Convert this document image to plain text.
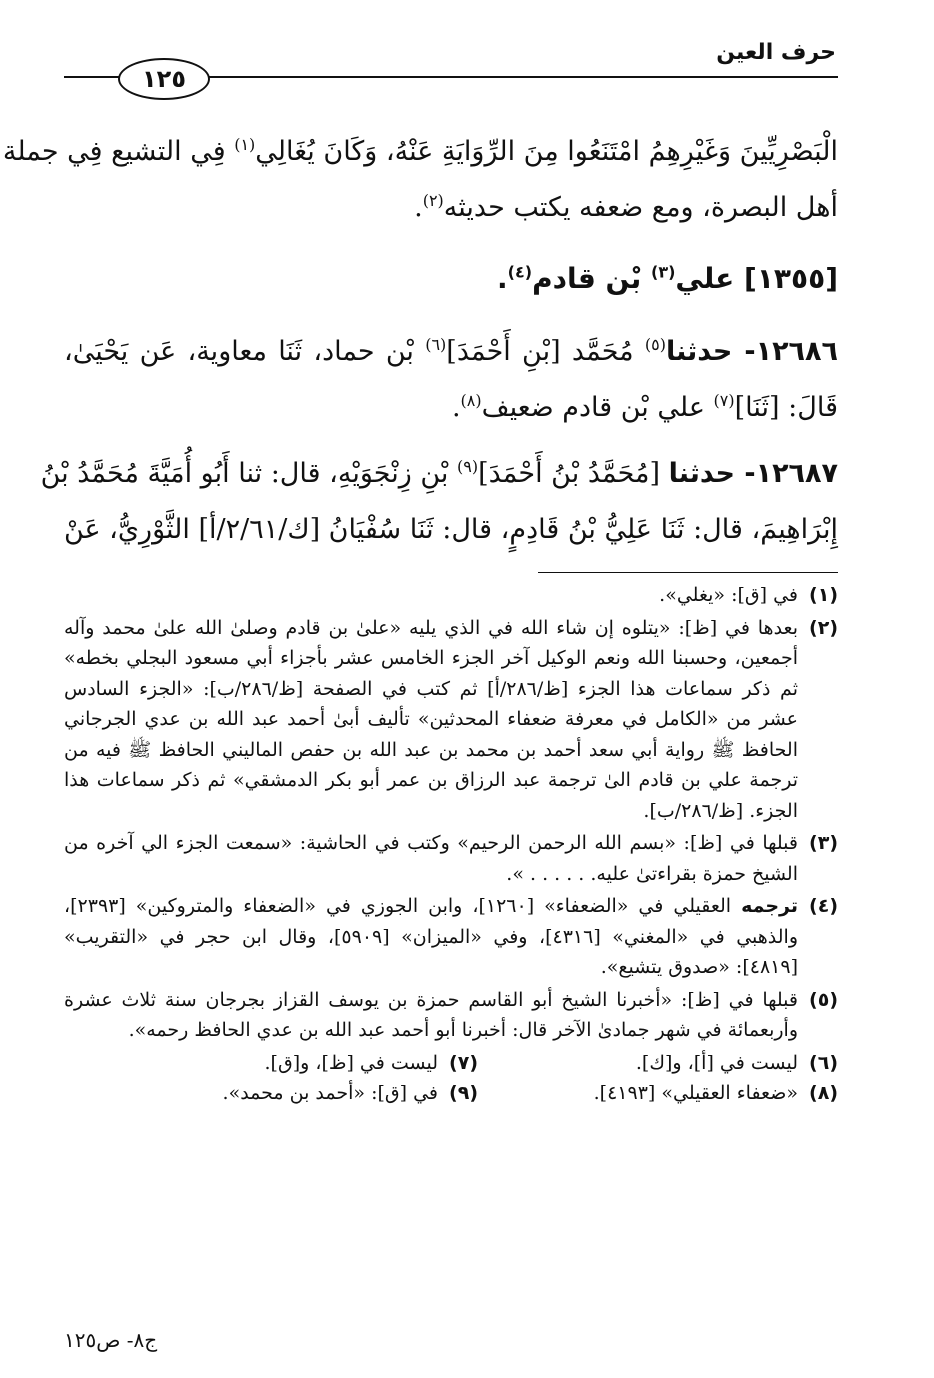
حرف العين
١٢٥
الْبَصْرِيِّينَ وَغَيْرِهِمُ امْتَنَعُوا مِنَ الرِّوَايَةِ عَنْهُ، وَكَانَ يُغَالِي$^{(١)}$ فِي التشيع فِي جملة
أهل البصرة، ومع ضعفه يكتب حديثه$^{(٢)}$.
[١٣٥٥] علي$^{(٣)}$ بْن قادم$^{(٤)}$.
١٢٦٨٦- حدثنا$^{(٥)}$ مُحَمَّد [بْنِ أَحْمَدَ]$^{(٦)}$ بْن حماد، ثَنَا معاوية، عَن يَحْيَىٰ،
قَالَ: [ثَنَا]$^{(٧)}$ علي بْن قادم ضعيف$^{(٨)}$.
١٢٦٨٧- حدثنا [مُحَمَّدُ بْنُ أَحْمَدَ]$^{(٩)}$ بْنِ زِنْجَوَيْهِ، قال: ثنا أَبُو أُمَيَّةَ مُحَمَّدُ بْنُ
إِبْرَاهِيمَ، قال: ثَنَا عَلِيُّ بْنُ قَادِمٍ، قال: ثَنَا سُفْيَانُ [ك/٢/٦١/أ] الثَّوْرِيُّ، عَنْ
(١)
في [ق]: «يغلي».
(٢)
بعدها في [ظ]: «يتلوه إن شاء الله في الذي يليه «علىٰ بن قادم وصلىٰ الله علىٰ محمد وآله أجمعين، وحسبنا الله ونعم الوكيل آخر الجزء الخامس عشر بأجزاء أبي مسعود البجلي بخطه» ثم ذكر سماعات هذا الجزء [ظ/٢٨٦/أ] ثم كتب في الصفحة [ظ/٢٨٦/ب]: «الجزء السادس عشر من «الكامل في معرفة ضعفاء المحدثين» تأليف أبىٰ أحمد عبد الله بن عدي الجرجاني الحافظ ﷺ رواية أبي سعد أحمد بن محمد بن عبد الله بن حفص الماليني الحافظ ﷺ فيه من ترجمة علي بن قادم الىٰ ترجمة عبد الرزاق بن عمر أبو بكر الدمشقي» ثم ذكر سماعات هذا الجزء. [ظ/٢٨٦/ب].
(٣)
قبلها في [ظ]: «بسم الله الرحمن الرحيم» وكتب في الحاشية: «سمعت الجزء الي آخره من الشيخ حمزة بقراءتىٰ عليه. . . . . . ».
(٤)
ترجمه العقيلي في «الضعفاء» [١٢٦٠]، وابن الجوزي في «الضعفاء والمتروكين» [٢٣٩٣]، والذهبي في «المغني» [٤٣١٦]، وفي «الميزان» [٥٩٠٩]، وقال ابن حجر في «التقريب» [٤٨١٩]: «صدوق يتشيع».
(٥)
قبلها في [ظ]: «أخبرنا الشيخ أبو القاسم حمزة بن يوسف القزاز بجرجان سنة ثلاث عشرة وأربعمائة في شهر جمادىٰ الآخر قال: أخبرنا أبو أحمد عبد الله بن عدي الحافظ رحمه».
(٦)
ليست في [أ]، و[ك].
(٧)
ليست في [ظ]، و[ق].
(٨)
«ضعفاء العقيلي» [٤١٩٣].
(٩)
في [ق]: «أحمد بن محمد».
ج٨- ص١٢٥
